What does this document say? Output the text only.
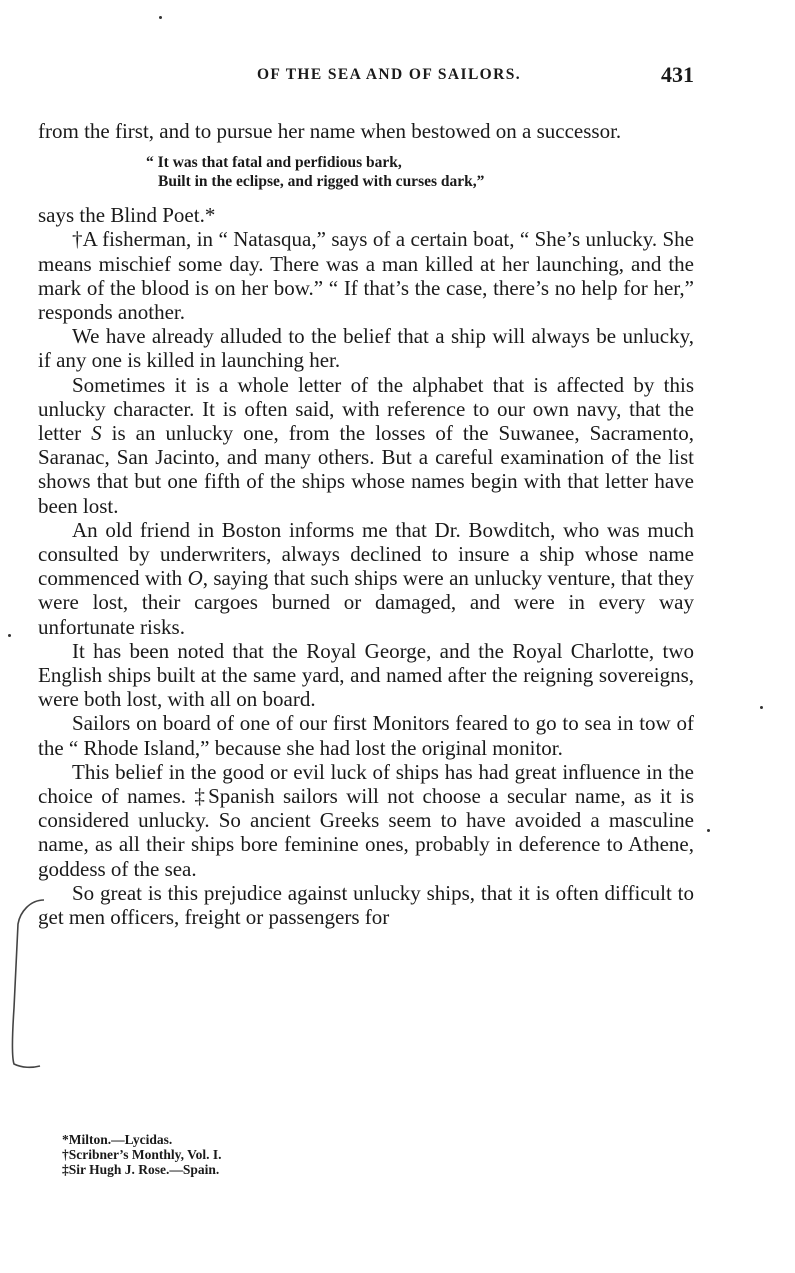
OF THE SEA AND OF SAILORS.	431

from the first, and to pursue her name when bestowed on a successor.

“ It was that fatal and perfidious bark,
Built in the eclipse, and rigged with curses dark,”

says the Blind Poet.*

†A fisherman, in “ Natasqua,” says of a certain boat, “ She’s unlucky. She means mischief some day. There was a man killed at her launching, and the mark of the blood is on her bow.” “ If that’s the case, there’s no help for her,” responds another.

We have already alluded to the belief that a ship will always be unlucky, if any one is killed in launching her.

Sometimes it is a whole letter of the alphabet that is affected by this unlucky character. It is often said, with reference to our own navy, that the letter S is an unlucky one, from the losses of the Suwanee, Sacramento, Saranac, San Jacinto, and many others. But a careful examination of the list shows that but one fifth of the ships whose names begin with that letter have been lost.

An old friend in Boston informs me that Dr. Bowditch, who was much consulted by underwriters, always declined to insure a ship whose name commenced with O, saying that such ships were an unlucky venture, that they were lost, their cargoes burned or damaged, and were in every way unfortunate risks.

It has been noted that the Royal George, and the Royal Charlotte, two English ships built at the same yard, and named after the reigning sovereigns, were both lost, with all on board.

Sailors on board of one of our first Monitors feared to go to sea in tow of the “ Rhode Island,” because she had lost the original monitor.

This belief in the good or evil luck of ships has had great influence in the choice of names. ‡Spanish sailors will not choose a secular name, as it is considered unlucky. So ancient Greeks seem to have avoided a masculine name, as all their ships bore feminine ones, probably in deference to Athene, goddess of the sea.

So great is this prejudice against unlucky ships, that it is often difficult to get men officers, freight or passengers for

*Milton.—Lycidas.
†Scribner’s Monthly, Vol. I.
‡Sir Hugh J. Rose.—Spain.
